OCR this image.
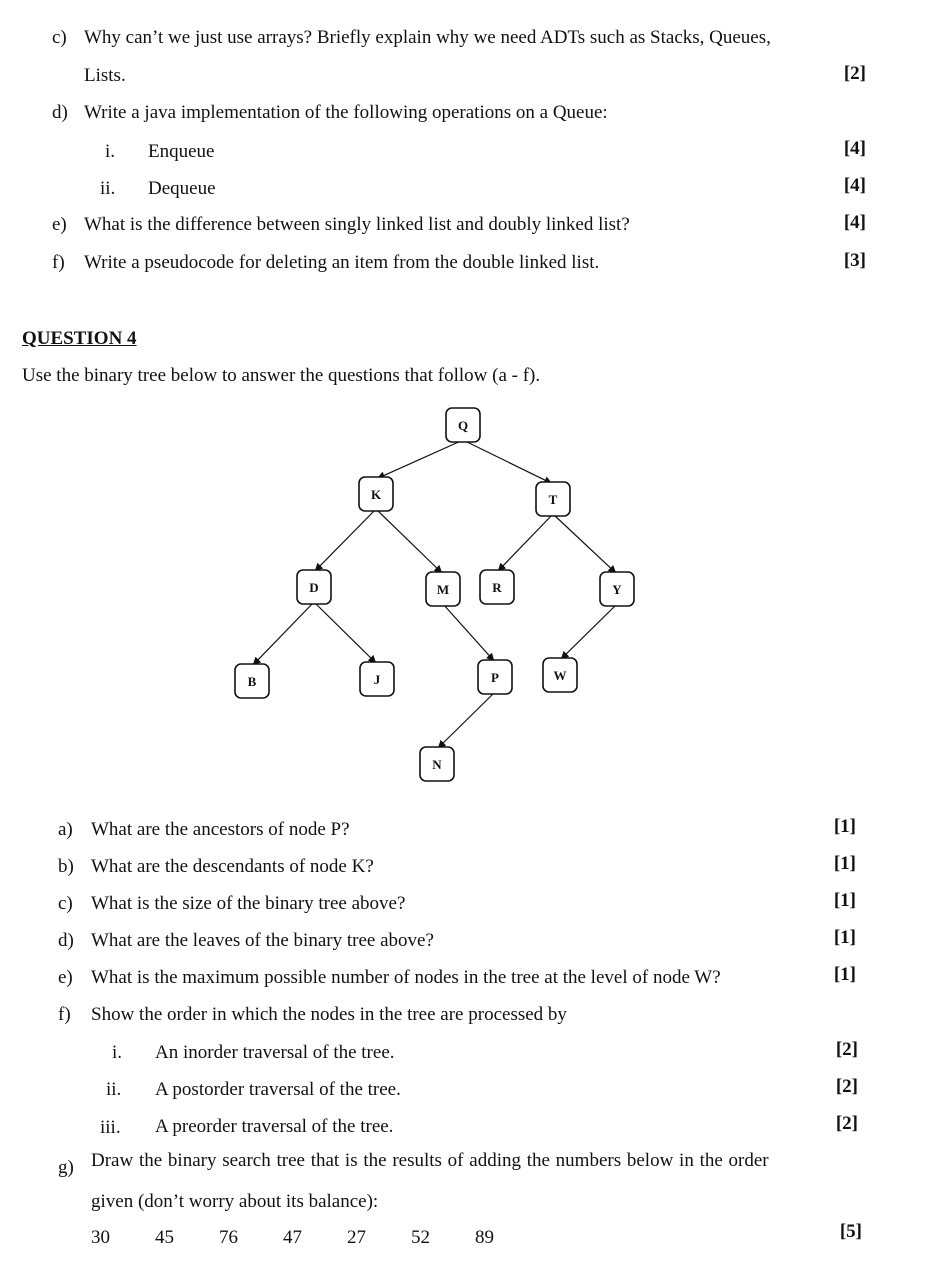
c) Why can’t we just use arrays? Briefly explain why we need ADTs such as Stacks, Queues,
Lists.	[2]
d) Write a java implementation of the following operations on a Queue:
i. Enqueue	[4]
ii. Dequeue	[4]
e) What is the difference between singly linked list and doubly linked list?	[4]
f) Write a pseudocode for deleting an item from the double linked list.	[3]
QUESTION 4
Use the binary tree below to answer the questions that follow (a - f).
Q
K	T
D	M	R	Y
B	J	P	W
N
a) What are the ancestors of node P?	[1]
b) What are the descendants of node K?	[1]
c) What is the size of the binary tree above?	[1]
d) What are the leaves of the binary tree above?	[1]
e) What is the maximum possible number of nodes in the tree at the level of node W?	[1]
f) Show the order in which the nodes in the tree are processed by
i. An inorder traversal of the tree.	[2]
ii. A postorder traversal of the tree.	[2]
iii. A preorder traversal of the tree.	[2]
g) Draw the binary search tree that is the results of adding the numbers below in the order
given (don’t worry about its balance):
30 45 76 47 27 52 89	[5]
